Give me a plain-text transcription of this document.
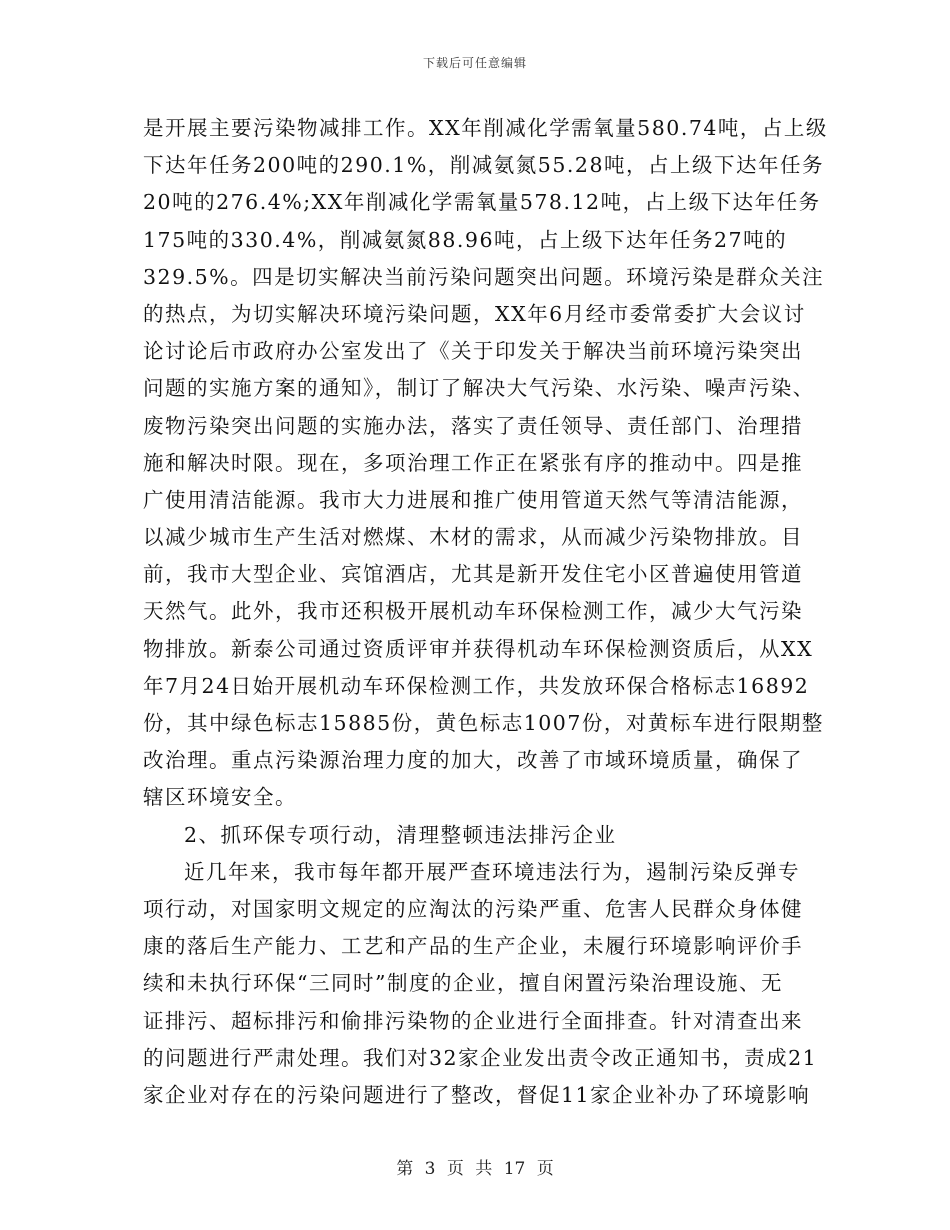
下载后可任意编辑
是开展主要污染物减排工作。XX年削减化学需氧量580.74吨，占上级
下达年任务200吨的290.1%，削减氨氮55.28吨，占上级下达年任务
20吨的276.4%;XX年削减化学需氧量578.12吨，占上级下达年任务
175吨的330.4%，削减氨氮88.96吨，占上级下达年任务27吨的
329.5%。四是切实解决当前污染问题突出问题。环境污染是群众关注
的热点，为切实解决环境污染问题，XX年6月经市委常委扩大会议讨
论讨论后市政府办公室发出了《关于印发关于解决当前环境污染突出
问题的实施方案的通知》，制订了解决大气污染、水污染、噪声污染、
废物污染突出问题的实施办法，落实了责任领导、责任部门、治理措
施和解决时限。现在，多项治理工作正在紧张有序的推动中。四是推
广使用清洁能源。我市大力进展和推广使用管道天然气等清洁能源，
以减少城市生产生活对燃煤、木材的需求，从而减少污染物排放。目
前，我市大型企业、宾馆酒店，尤其是新开发住宅小区普遍使用管道
天然气。此外，我市还积极开展机动车环保检测工作，减少大气污染
物排放。新泰公司通过资质评审并获得机动车环保检测资质后，从XX
年7月24日始开展机动车环保检测工作，共发放环保合格标志16892
份，其中绿色标志15885份，黄色标志1007份，对黄标车进行限期整
改治理。重点污染源治理力度的加大，改善了市域环境质量，确保了
辖区环境安全。
2、抓环保专项行动，清理整顿违法排污企业
近几年来，我市每年都开展严查环境违法行为，遏制污染反弹专
项行动，对国家明文规定的应淘汰的污染严重、危害人民群众身体健
康的落后生产能力、工艺和产品的生产企业，未履行环境影响评价手
续和未执行环保“三同时”制度的企业，擅自闲置污染治理设施、无
证排污、超标排污和偷排污染物的企业进行全面排查。针对清查出来
的问题进行严肃处理。我们对32家企业发出责令改正通知书，责成21
家企业对存在的污染问题进行了整改，督促11家企业补办了环境影响
第 3 页 共 17 页
